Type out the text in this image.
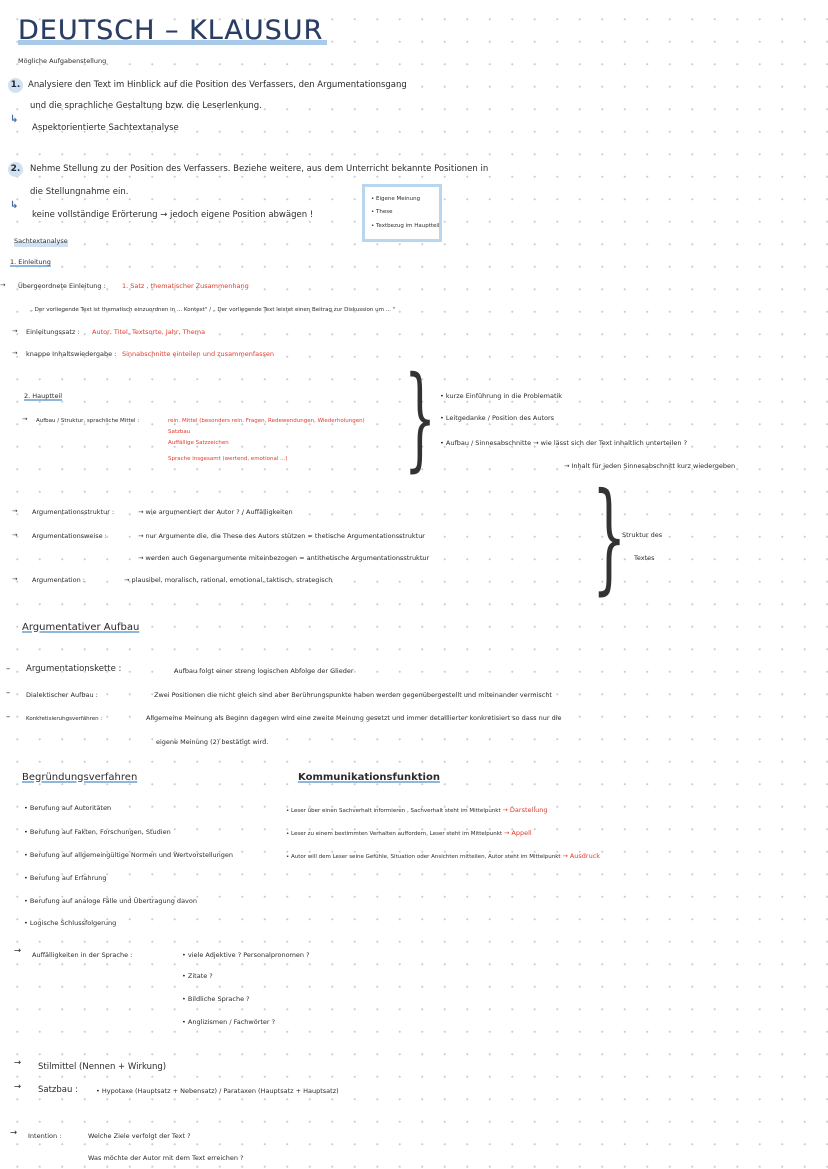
DEUTSCH – KLAUSUR
Mögliche Aufgabenstellung
1. Analysiere den Text im Hinblick auf die Position des Verfassers, den Argumentationsgang
und die sprachliche Gestaltung bzw. die Leserlenkung.
↳
Aspektorientierte Sachtextanalyse
2.	Nehme Stellung zu der Position des Verfassers. Beziehe weitere, aus dem Unterricht bekannte Positionen in
die Stellungnahme ein.
↳
keine vollständige Erörterung → jedoch eigene Position abwägen !
• Eigene Meinung
• These
• Textbezug im Hauptteil
Sachtextanalyse
1. Einleitung
→ Übergeordnete Einleitung : 1. Satz , thematischer Zusammenhang
„ Der vorliegende Text ist thematisch einzuordnen in ... Kontext" / „ Der vorliegende Text leistet einen Beitrag zur Diskussion um ... "
→ Einleitungssatz : Autor, Titel, Textsorte, Jahr, Thema
→ knappe Inhaltswiedergabe : Sinnabschnitte einteilen und zusammenfassen
2. Hauptteil
→ Aufbau / Struktur, sprachliche Mittel :	rein. Mittel (besonders rein. Fragen, Redewendungen, Wiederholungen)
Satzbau
Auffällige Satzzeichen
Sprache insgesamt (wertend, emotional ...) } • kurze Einführung in die Problematik
• Leitgedanke / Position des Autors
• Aufbau / Sinnesabschnitte → wie lässt sich der Text inhaltlich unterteilen ?
→ Inhalt für jeden Sinnesabschnitt kurz wiedergeben
→ Argumentationsstruktur :	→ wie argumentiert der Autor ? / Auffälligkeiten
→ Argumentationsweise :	→ nur Argumente die, die These des Autors stützen = thetische Argumentationsstruktur
→ werden auch Gegenargumente miteinbezogen = antithetische Argumentationsstruktur
→ Argumentation :	→ plausibel, moralisch, rational, emotional, taktisch, strategisch }
Struktur des
Textes
Argumentativer Aufbau
– Argumentationskette :	Aufbau folgt einer streng logischen Abfolge der Glieder
– Dialektischer Aufbau :	Zwei Positionen die nicht gleich sind aber Berührungspunkte haben werden gegenübergestellt und miteinander vermischt
–	Konkretisierungsverfahren :	Allgemeine Meinung als Beginn dagegen wird eine zweite Meinung gesetzt und immer detaillierter konkretisiert so dass nur die
eigene Meinung (2) bestätigt wird.
Begründungsverfahren
• Berufung auf Autoritäten
• Berufung auf Fakten, Forschungen, Studien
• Berufung auf allgemeingültige Normen und Wertvorstellungen
• Berufung auf Erfahrung
• Berufung auf analoge Fälle und Übertragung davon
• Logische Schlussfolgerung
Kommunikationsfunktion
• Leser über einen Sachverhalt informieren , Sachverhalt steht im Mittelpunkt → Darstellung
• Leser zu einem bestimmten Verhalten auffordern, Leser steht im Mittelpunkt → Appell
• Autor will dem Leser seine Gefühle, Situation oder Ansichten mitteilen, Autor steht im Mittelpunkt → Ausdruck
→ Auffälligkeiten in der Sprache :	• viele Adjektive ? Personalpronomen ?
• Zitate ?
• Bildliche Sprache ?
• Anglizismen / Fachwörter ?
→ Stilmittel (Nennen + Wirkung)
→ Satzbau :	• Hypotaxe (Hauptsatz + Nebensatz) / Parataxen (Hauptsatz + Hauptsatz)
→ Intention :	Welche Ziele verfolgt der Text ?
Was möchte der Autor mit dem Text erreichen ?
